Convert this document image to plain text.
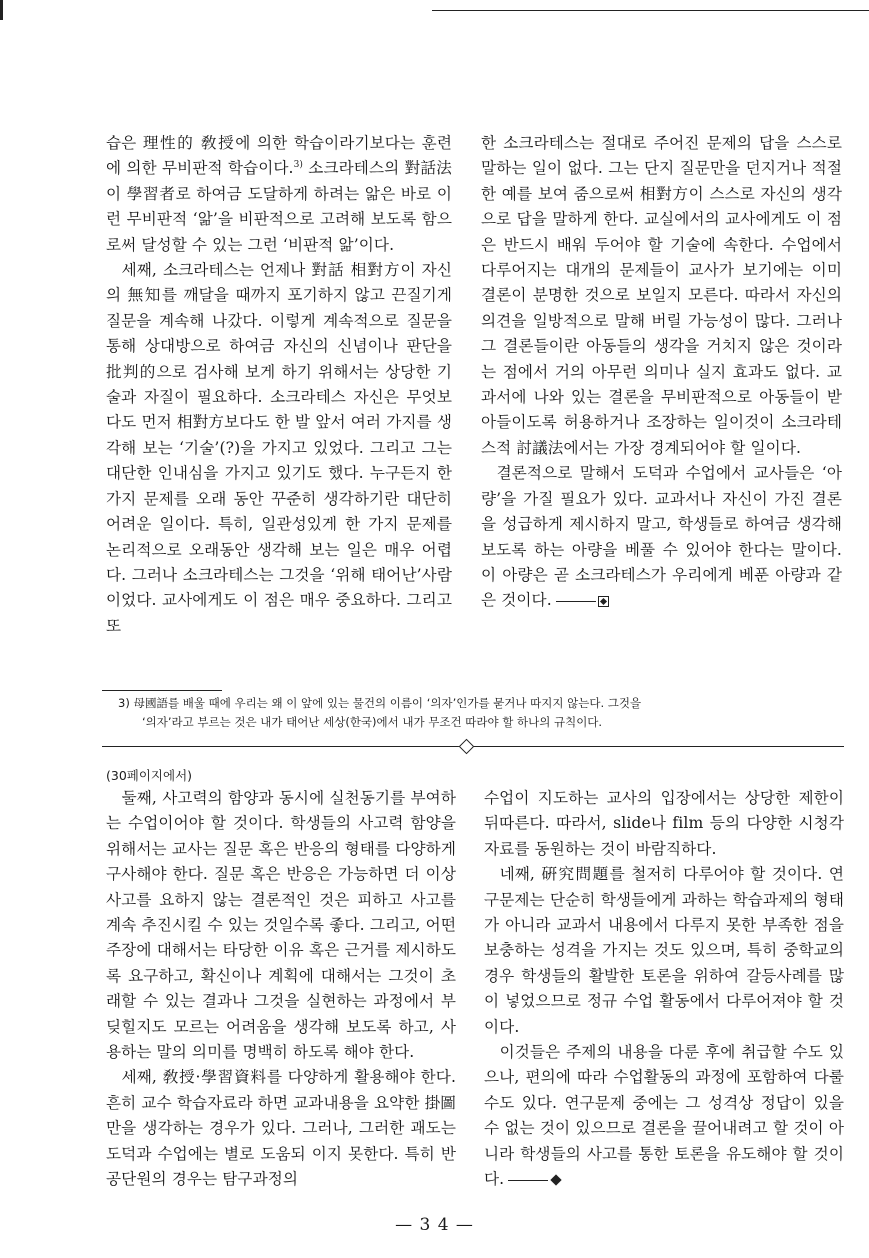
습은 理性的 敎授에 의한 학습이라기보다는 훈련에 의한 무비판적 학습이다.$^{3)}$ 소크라테스의 對話法이 學習者로 하여금 도달하게 하려는 앎은 바로 이런 무비판적 ‘앎’을 비판적으로 고려해 보도록 함으로써 달성할 수 있는 그런 ‘비판적 앎’이다.

세째, 소크라테스는 언제나 對話 相對方이 자신의 無知를 깨달을 때까지 포기하지 않고 끈질기게 질문을 계속해 나갔다. 이렇게 계속적으로 질문을 통해 상대방으로 하여금 자신의 신념이나 판단을 批判的으로 검사해 보게 하기 위해서는 상당한 기술과 자질이 필요하다. 소크라테스 자신은 무엇보다도 먼저 相對方보다도 한 발 앞서 여러 가지를 생각해 보는 ‘기술’(?)을 가지고 있었다. 그리고 그는 대단한 인내심을 가지고 있기도 했다. 누구든지 한 가지 문제를 오래 동안 꾸준히 생각하기란 대단히 어려운 일이다. 특히, 일관성있게 한 가지 문제를 논리적으로 오래동안 생각해 보는 일은 매우 어렵다. 그러나 소크라테스는 그것을 ‘위해 태어난’사람이었다. 교사에게도 이 점은 매우 중요하다. 그리고 또

한 소크라테스는 절대로 주어진 문제의 답을 스스로 말하는 일이 없다. 그는 단지 질문만을 던지거나 적절한 예를 보여 줌으로써 相對方이 스스로 자신의 생각으로 답을 말하게 한다. 교실에서의 교사에게도 이 점은 반드시 배워 두어야 할 기술에 속한다. 수업에서 다루어지는 대개의 문제들이 교사가 보기에는 이미 결론이 분명한 것으로 보일지 모른다. 따라서 자신의 의견을 일방적으로 말해 버릴 가능성이 많다. 그러나 그 결론들이란 아동들의 생각을 거치지 않은 것이라는 점에서 거의 아무런 의미나 실지 효과도 없다. 교과서에 나와 있는 결론을 무비판적으로 아동들이 받아들이도록 허용하거나 조장하는 일이것이 소크라테스적 討議法에서는 가장 경계되어야 할 일이다.

결론적으로 말해서 도덕과 수업에서 교사들은 ‘아량’을 가질 필요가 있다. 교과서나 자신이 가진 결론을 성급하게 제시하지 말고, 학생들로 하여금 생각해 보도록 하는 아량을 베풀 수 있어야 한다는 말이다. 이 아량은 곧 소크라테스가 우리에게 베푼 아량과 같은 것이다.

3) 母國語를 배울 때에 우리는 왜 이 앞에 있는 물건의 이름이 ‘의자’인가를 묻거나 따지지 않는다. 그것을
‘의자’라고 부르는 것은 내가 태어난 세상(한국)에서 내가 무조건 따라야 할 하나의 규칙이다.
(30페이지에서)

둘째, 사고력의 함양과 동시에 실천동기를 부여하는 수업이어야 할 것이다. 학생들의 사고력 함양을 위해서는 교사는 질문 혹은 반응의 형태를 다양하게 구사해야 한다. 질문 혹은 반응은 가능하면 더 이상 사고를 요하지 않는 결론적인 것은 피하고 사고를 계속 추진시킬 수 있는 것일수록 좋다. 그리고, 어떤 주장에 대해서는 타당한 이유 혹은 근거를 제시하도록 요구하고, 확신이나 계획에 대해서는 그것이 초래할 수 있는 결과나 그것을 실현하는 과정에서 부딪힐지도 모르는 어려움을 생각해 보도록 하고, 사용하는 말의 의미를 명백히 하도록 해야 한다.

세째, 敎授·學習資料를 다양하게 활용해야 한다. 흔히 교수 학습자료라 하면 교과내용을 요약한 掛圖만을 생각하는 경우가 있다. 그러나, 그러한 괘도는 도덕과 수업에는 별로 도움되 이지 못한다. 특히 반공단원의 경우는 탐구과정의

수업이 지도하는 교사의 입장에서는 상당한 제한이 뒤따른다. 따라서, slide나 film 등의 다양한 시청각 자료를 동원하는 것이 바람직하다.

네째, 硏究問題를 철저히 다루어야 할 것이다. 연구문제는 단순히 학생들에게 과하는 학습과제의 형태가 아니라 교과서 내용에서 다루지 못한 부족한 점을 보충하는 성격을 가지는 것도 있으며, 특히 중학교의 경우 학생들의 활발한 토론을 위하여 갈등사례를 많이 넣었으므로 정규 수업 활동에서 다루어져야 할 것이다.

이것들은 주제의 내용을 다룬 후에 취급할 수도 있으나, 편의에 따라 수업활동의 과정에 포함하여 다룰 수도 있다. 연구문제 중에는 그 성격상 정답이 있을 수 없는 것이 있으므로 결론을 끌어내려고 할 것이 아니라 학생들의 사고를 통한 토론을 유도해야 할 것이다.

— 3 4 —
